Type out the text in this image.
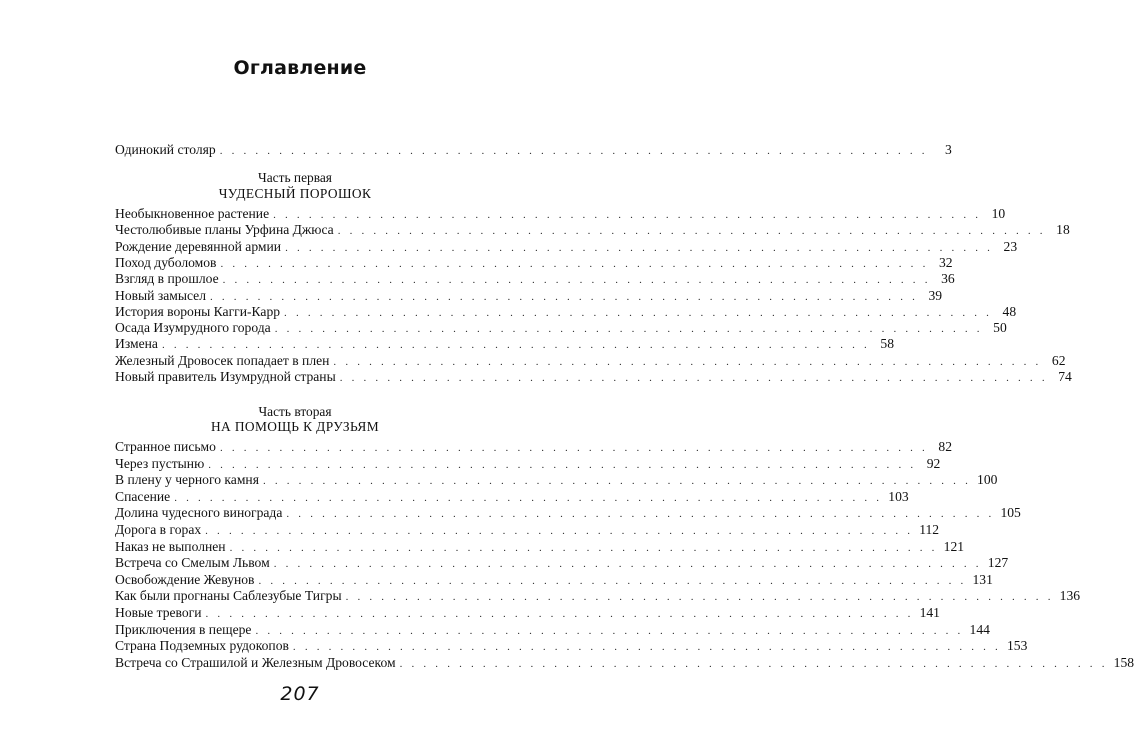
Оглавление
Одинокий столяр . . . . . . . . . . . . . . . . . . . . . . . . . . . . . . . . . . . . . . . . . . . . . . . . . . . . . . . . . . . .	3
Часть первая
ЧУДЕСНЫЙ ПОРОШОК
Необыкновенное растение . . . . . . . . . . . . . . . . . . . . . . . . . . . . . . . . . . . . . . . . . . . . . . . . . . . . . . . . . . . . 10
Честолюбивые планы Урфина Джюса . . . . . . . . . . . . . . . . . . . . . . . . . . . . . . . . . . . . . . . . . . . . . . . . . . . . . . . . . . . . 18
Рождение деревянной армии . . . . . . . . . . . . . . . . . . . . . . . . . . . . . . . . . . . . . . . . . . . . . . . . . . . . . . . . . . . . 23
Поход дуболомов . . . . . . . . . . . . . . . . . . . . . . . . . . . . . . . . . . . . . . . . . . . . . . . . . . . . . . . . . . . . 32
Взгляд в прошлое . . . . . . . . . . . . . . . . . . . . . . . . . . . . . . . . . . . . . . . . . . . . . . . . . . . . . . . . . . . . 36
Новый замысел . . . . . . . . . . . . . . . . . . . . . . . . . . . . . . . . . . . . . . . . . . . . . . . . . . . . . . . . . . . . 39
История вороны Кагги-Карр . . . . . . . . . . . . . . . . . . . . . . . . . . . . . . . . . . . . . . . . . . . . . . . . . . . . . . . . . . . . 48
Осада Изумрудного города . . . . . . . . . . . . . . . . . . . . . . . . . . . . . . . . . . . . . . . . . . . . . . . . . . . . . . . . . . . . 50
Измена . . . . . . . . . . . . . . . . . . . . . . . . . . . . . . . . . . . . . . . . . . . . . . . . . . . . . . . . . . . . 58
Железный Дровосек попадает в плен . . . . . . . . . . . . . . . . . . . . . . . . . . . . . . . . . . . . . . . . . . . . . . . . . . . . . . . . . . . . 62
Новый правитель Изумрудной страны . . . . . . . . . . . . . . . . . . . . . . . . . . . . . . . . . . . . . . . . . . . . . . . . . . . . . . . . . . . . 74
Часть вторая
НА ПОМОЩЬ К ДРУЗЬЯМ
Странное письмо . . . . . . . . . . . . . . . . . . . . . . . . . . . . . . . . . . . . . . . . . . . . . . . . . . . . . . . . . . . . 82
Через пустыню . . . . . . . . . . . . . . . . . . . . . . . . . . . . . . . . . . . . . . . . . . . . . . . . . . . . . . . . . . . . 92
В плену у черного камня . . . . . . . . . . . . . . . . . . . . . . . . . . . . . . . . . . . . . . . . . . . . . . . . . . . . . . . . . . . . 100
Спасение . . . . . . . . . . . . . . . . . . . . . . . . . . . . . . . . . . . . . . . . . . . . . . . . . . . . . . . . . . . . 103
Долина чудесного винограда . . . . . . . . . . . . . . . . . . . . . . . . . . . . . . . . . . . . . . . . . . . . . . . . . . . . . . . . . . . . 105
Дорога в горах . . . . . . . . . . . . . . . . . . . . . . . . . . . . . . . . . . . . . . . . . . . . . . . . . . . . . . . . . . . . 112
Наказ не выполнен . . . . . . . . . . . . . . . . . . . . . . . . . . . . . . . . . . . . . . . . . . . . . . . . . . . . . . . . . . . . 121
Встреча со Смелым Львом . . . . . . . . . . . . . . . . . . . . . . . . . . . . . . . . . . . . . . . . . . . . . . . . . . . . . . . . . . . . 127
Освобождение Жевунов . . . . . . . . . . . . . . . . . . . . . . . . . . . . . . . . . . . . . . . . . . . . . . . . . . . . . . . . . . . . 131
Как были прогнаны Саблезубые Тигры . . . . . . . . . . . . . . . . . . . . . . . . . . . . . . . . . . . . . . . . . . . . . . . . . . . . . . . . . . . . 136
Новые тревоги . . . . . . . . . . . . . . . . . . . . . . . . . . . . . . . . . . . . . . . . . . . . . . . . . . . . . . . . . . . . 141
Приключения в пещере . . . . . . . . . . . . . . . . . . . . . . . . . . . . . . . . . . . . . . . . . . . . . . . . . . . . . . . . . . . . 144
Страна Подземных рудокопов . . . . . . . . . . . . . . . . . . . . . . . . . . . . . . . . . . . . . . . . . . . . . . . . . . . . . . . . . . . . 153
Встреча со Страшилой и Железным Дровосеком . . . . . . . . . . . . . . . . . . . . . . . . . . . . . . . . . . . . . . . . . . . . . . . . . . . . . . . . . . . . 158
207
